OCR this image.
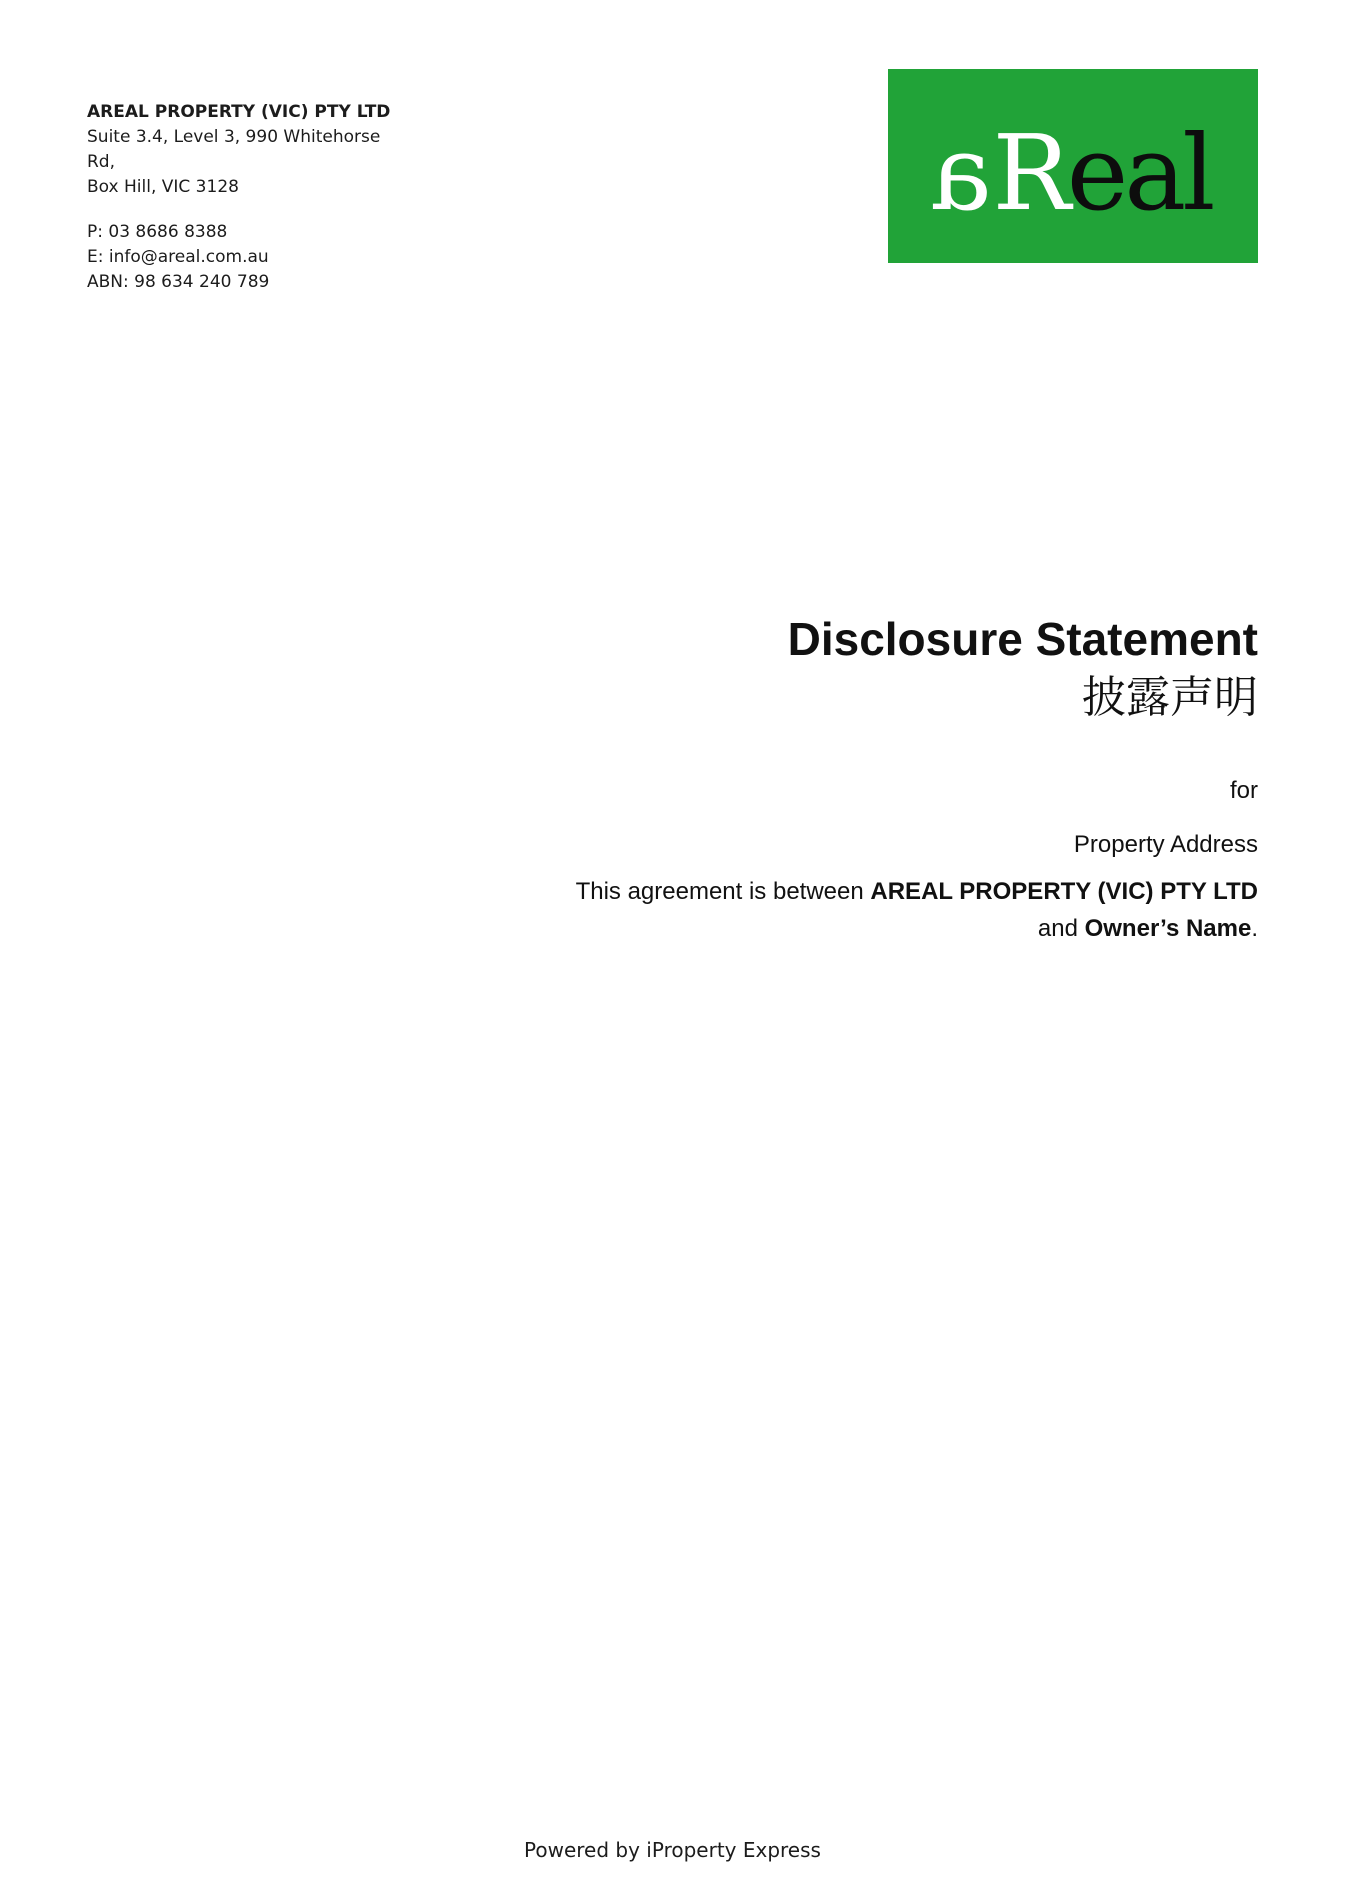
AREAL PROPERTY (VIC) PTY LTD
Suite 3.4, Level 3, 990 Whitehorse
Rd,
Box Hill, VIC 3128
P: 03 8686 8388
E: info@areal.com.au
ABN: 98 634 240 789
aReal
Disclosure Statement
披露声明
for
Property Address
This agreement is between AREAL PROPERTY (VIC) PTY LTD
and Owner’s Name.
Powered by iProperty Express
